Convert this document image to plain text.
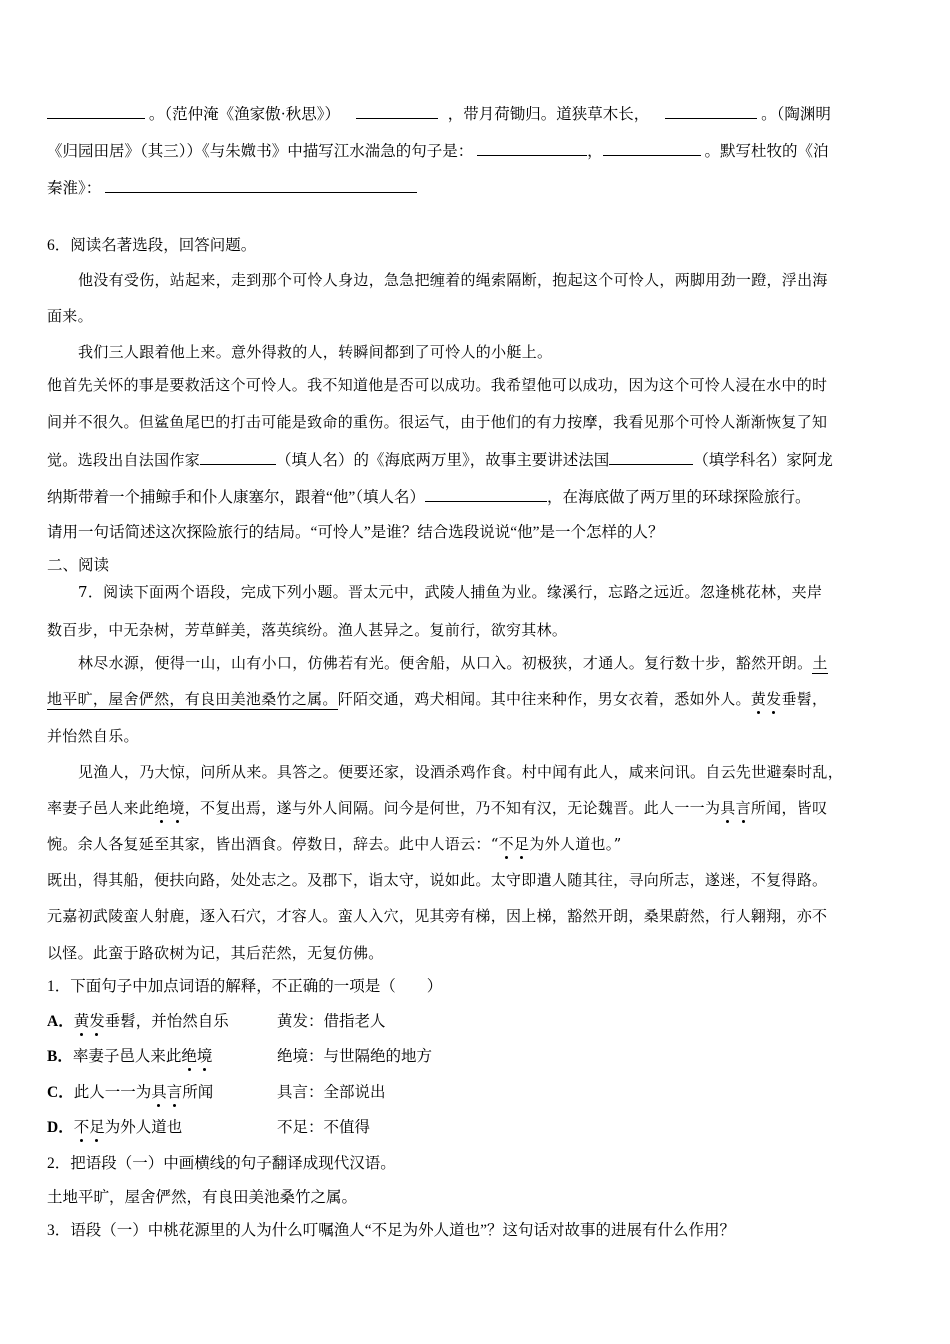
。（范仲淹《渔家傲·秋思》）	，带月荷锄归。道狭草木长，	。（陶渊明
《归园田居》（其三））《与朱媺书》中描写江水湍急的句子是：	，	。默写杜牧的《泊
秦淮》：
6．阅读名著选段，回答问题。
他没有受伤，站起来，走到那个可怜人身边，急急把缠着的绳索隔断，抱起这个可怜人，两脚用劲一蹬，浮出海
面来。
我们三人跟着他上来。意外得救的人，转瞬间都到了可怜人的小艇上。
他首先关怀的事是要救活这个可怜人。我不知道他是否可以成功。我希望他可以成功，因为这个可怜人浸在水中的时
间并不很久。但鲨鱼尾巴的打击可能是致命的重伤。很运气，由于他们的有力按摩，我看见那个可怜人渐渐恢复了知
觉。选段出自法国作家	（填人名）的《海底两万里》，故事主要讲述法国	（填学科名）家阿龙
纳斯带着一个捕鲸手和仆人康塞尔，跟着“他”（填人名）	，在海底做了两万里的环球探险旅行。
请用一句话简述这次探险旅行的结局。“可怜人”是谁？结合选段说说“他”是一个怎样的人？
二、阅读
7．阅读下面两个语段，完成下列小题。晋太元中，武陵人捕鱼为业。缘溪行，忘路之远近。忽逢桃花林，夹岸
数百步，中无杂树，芳草鲜美，落英缤纷。渔人甚异之。复前行，欲穷其林。
林尽水源，便得一山，山有小口，仿佛若有光。便舍船，从口入。初极狭，才通人。复行数十步，豁然开朗。土
地平旷，屋舍俨然，有良田美池桑竹之属。阡陌交通，鸡犬相闻。其中往来种作，男女衣着，悉如外人。黄发垂髫，
并怡然自乐。
见渔人，乃大惊，问所从来。具答之。便要还家，设酒杀鸡作食。村中闻有此人，咸来问讯。自云先世避秦时乱，
率妻子邑人来此绝境，不复出焉，遂与外人间隔。问今是何世，乃不知有汉，无论魏晋。此人一一为具言所闻，皆叹
惋。余人各复延至其家，皆出酒食。停数日，辞去。此中人语云：“不足为外人道也。”
既出，得其船，便扶向路，处处志之。及郡下，诣太守，说如此。太守即遣人随其往，寻向所志，遂迷，不复得路。
元嘉初武陵蛮人射鹿，逐入石穴，才容人。蛮人入穴，见其旁有梯，因上梯，豁然开朗，桑果蔚然，行人翱翔，亦不
以怪。此蛮于路砍树为记，其后茫然，无复仿佛。
1．下面句子中加点词语的解释，不正确的一项是（　　）
A．黄发垂髫，并怡然自乐	黄发：借指老人
B．率妻子邑人来此绝境	绝境：与世隔绝的地方
C．此人一一为具言所闻	具言：全部说出
D．不足为外人道也	不足：不值得
2．把语段（一）中画横线的句子翻译成现代汉语。
土地平旷，屋舍俨然，有良田美池桑竹之属。
3．语段（一）中桃花源里的人为什么叮嘱渔人“不足为外人道也”？这句话对故事的进展有什么作用？
